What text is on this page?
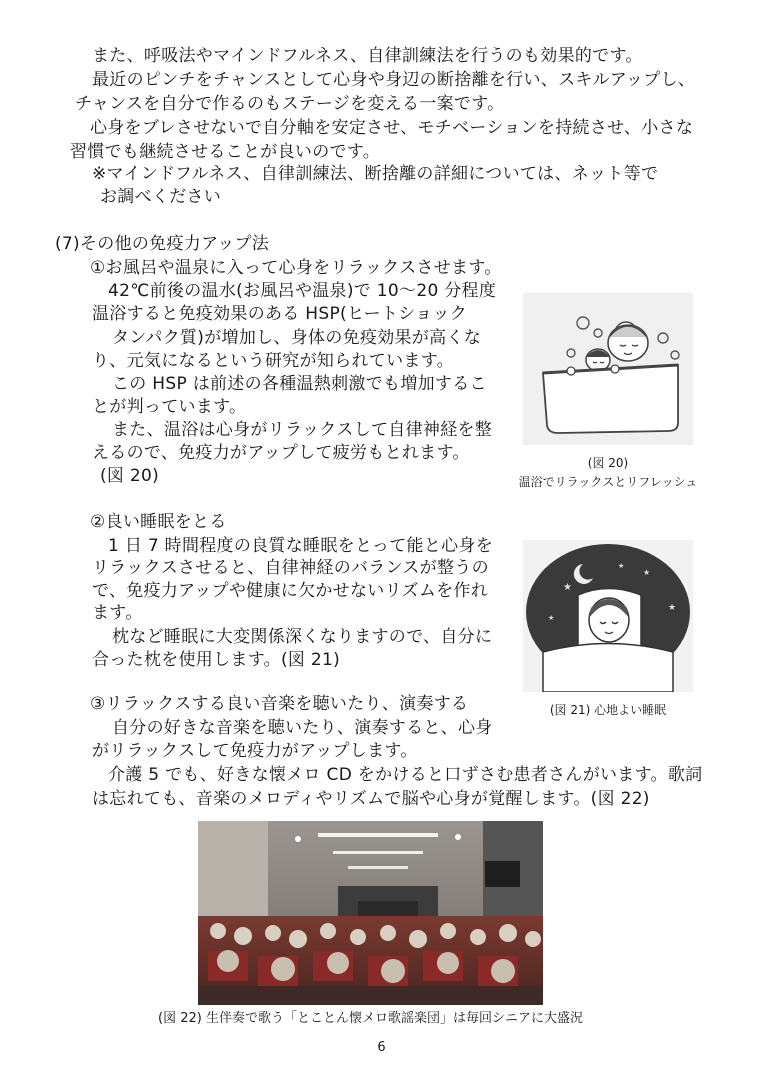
また、呼吸法やマインドフルネス、自律訓練法を行うのも効果的です。
最近のピンチをチャンスとして心身や身辺の断捨離を行い、スキルアップし、
チャンスを自分で作るのもステージを変える一案です。
心身をブレさせないで自分軸を安定させ、モチベーションを持続させ、小さな
習慣でも継続させることが良いのです。
※マインドフルネス、自律訓練法、断捨離の詳細については、ネット等で
お調べください
(7)その他の免疫力アップ法
①お風呂や温泉に入って心身をリラックスさせます。
42℃前後の温水(お風呂や温泉)で 10～20 分程度
温浴すると免疫効果のある HSP(ヒートショック
タンパク質)が増加し、身体の免疫効果が高くな
り、元気になるという研究が知られています。
この HSP は前述の各種温熱刺激でも増加するこ
とが判っています。
また、温浴は心身がリラックスして自律神経を整
えるので、免疫力がアップして疲労もとれます。
(図 20)
(図 20)
温浴でリラックスとリフレッシュ
②良い睡眠をとる
1 日 7 時間程度の良質な睡眠をとって能と心身を
リラックスさせると、自律神経のバランスが整うの
で、免疫力アップや健康に欠かせないリズムを作れ
ます。
枕など睡眠に大変関係深くなりますので、自分に
合った枕を使用します。(図 21)
★
★
★
★
★
(図 21) 心地よい睡眠
③リラックスする良い音楽を聴いたり、演奏する
自分の好きな音楽を聴いたり、演奏すると、心身
がリラックスして免疫力がアップします。
介護 5 でも、好きな懐メロ CD をかけると口ずさむ患者さんがいます。歌詞
は忘れても、音楽のメロディやリズムで脳や心身が覚醒します。(図 22)
(図 22) 生伴奏で歌う「とことん懐メロ歌謡楽団」は毎回シニアに大盛況
6
